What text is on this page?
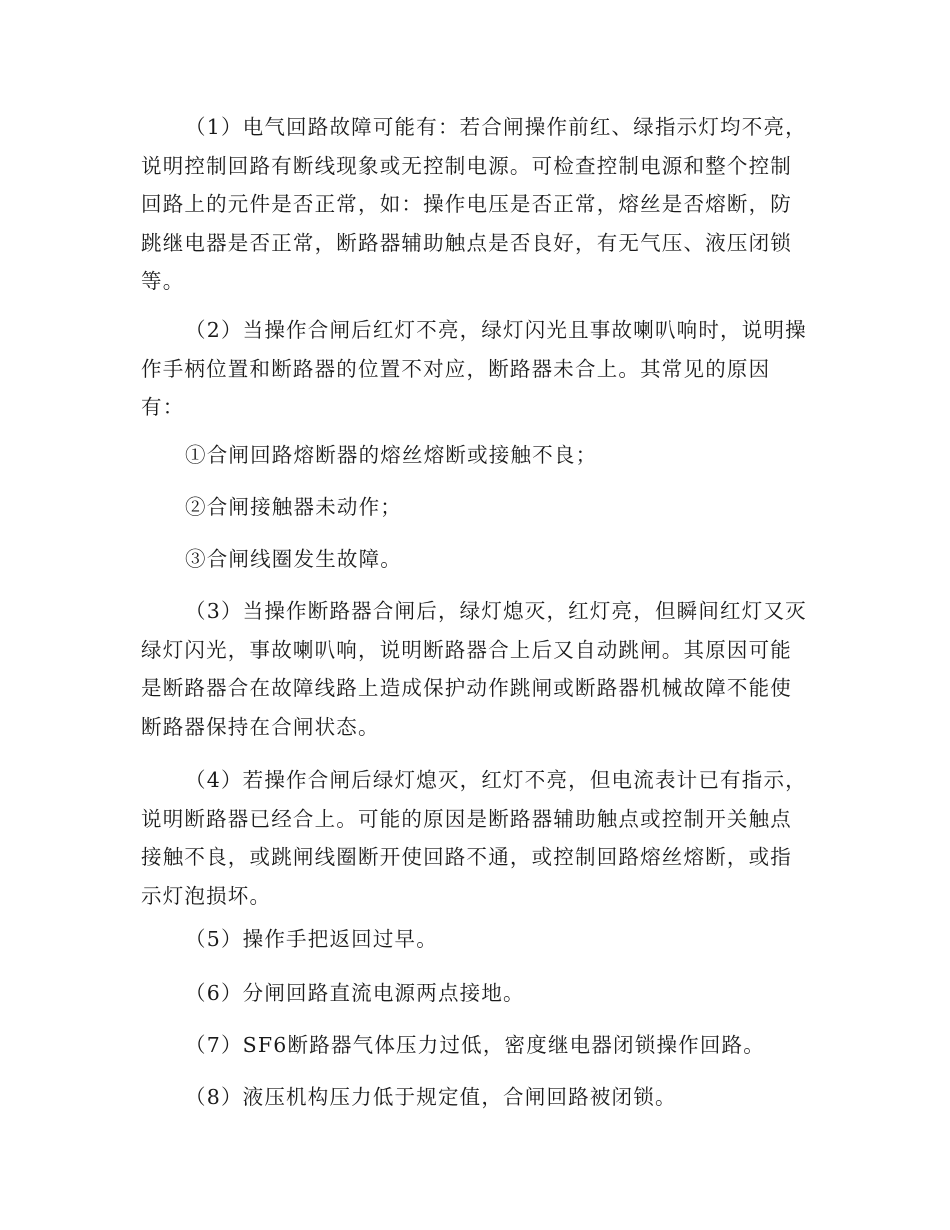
（1）电气回路故障可能有：若合闸操作前红、绿指示灯均不亮，说明控制回路有断线现象或无控制电源。可检查控制电源和整个控制回路上的元件是否正常，如：操作电压是否正常，熔丝是否熔断，防跳继电器是否正常，断路器辅助触点是否良好，有无气压、液压闭锁等。

（2）当操作合闸后红灯不亮，绿灯闪光且事故喇叭响时，说明操作手柄位置和断路器的位置不对应，断路器未合上。其常见的原因
有：

①合闸回路熔断器的熔丝熔断或接触不良；

②合闸接触器未动作；

③合闸线圈发生故障。

（3）当操作断路器合闸后，绿灯熄灭，红灯亮，但瞬间红灯又灭绿灯闪光，事故喇叭响，说明断路器合上后又自动跳闸。其原因可能是断路器合在故障线路上造成保护动作跳闸或断路器机械故障不能使断路器保持在合闸状态。

（4）若操作合闸后绿灯熄灭，红灯不亮，但电流表计已有指示，说明断路器已经合上。可能的原因是断路器辅助触点或控制开关触点接触不良，或跳闸线圈断开使回路不通，或控制回路熔丝熔断，或指示灯泡损坏。

（5）操作手把返回过早。

（6）分闸回路直流电源两点接地。

（7）SF6断路器气体压力过低，密度继电器闭锁操作回路。

（8）液压机构压力低于规定值，合闸回路被闭锁。
